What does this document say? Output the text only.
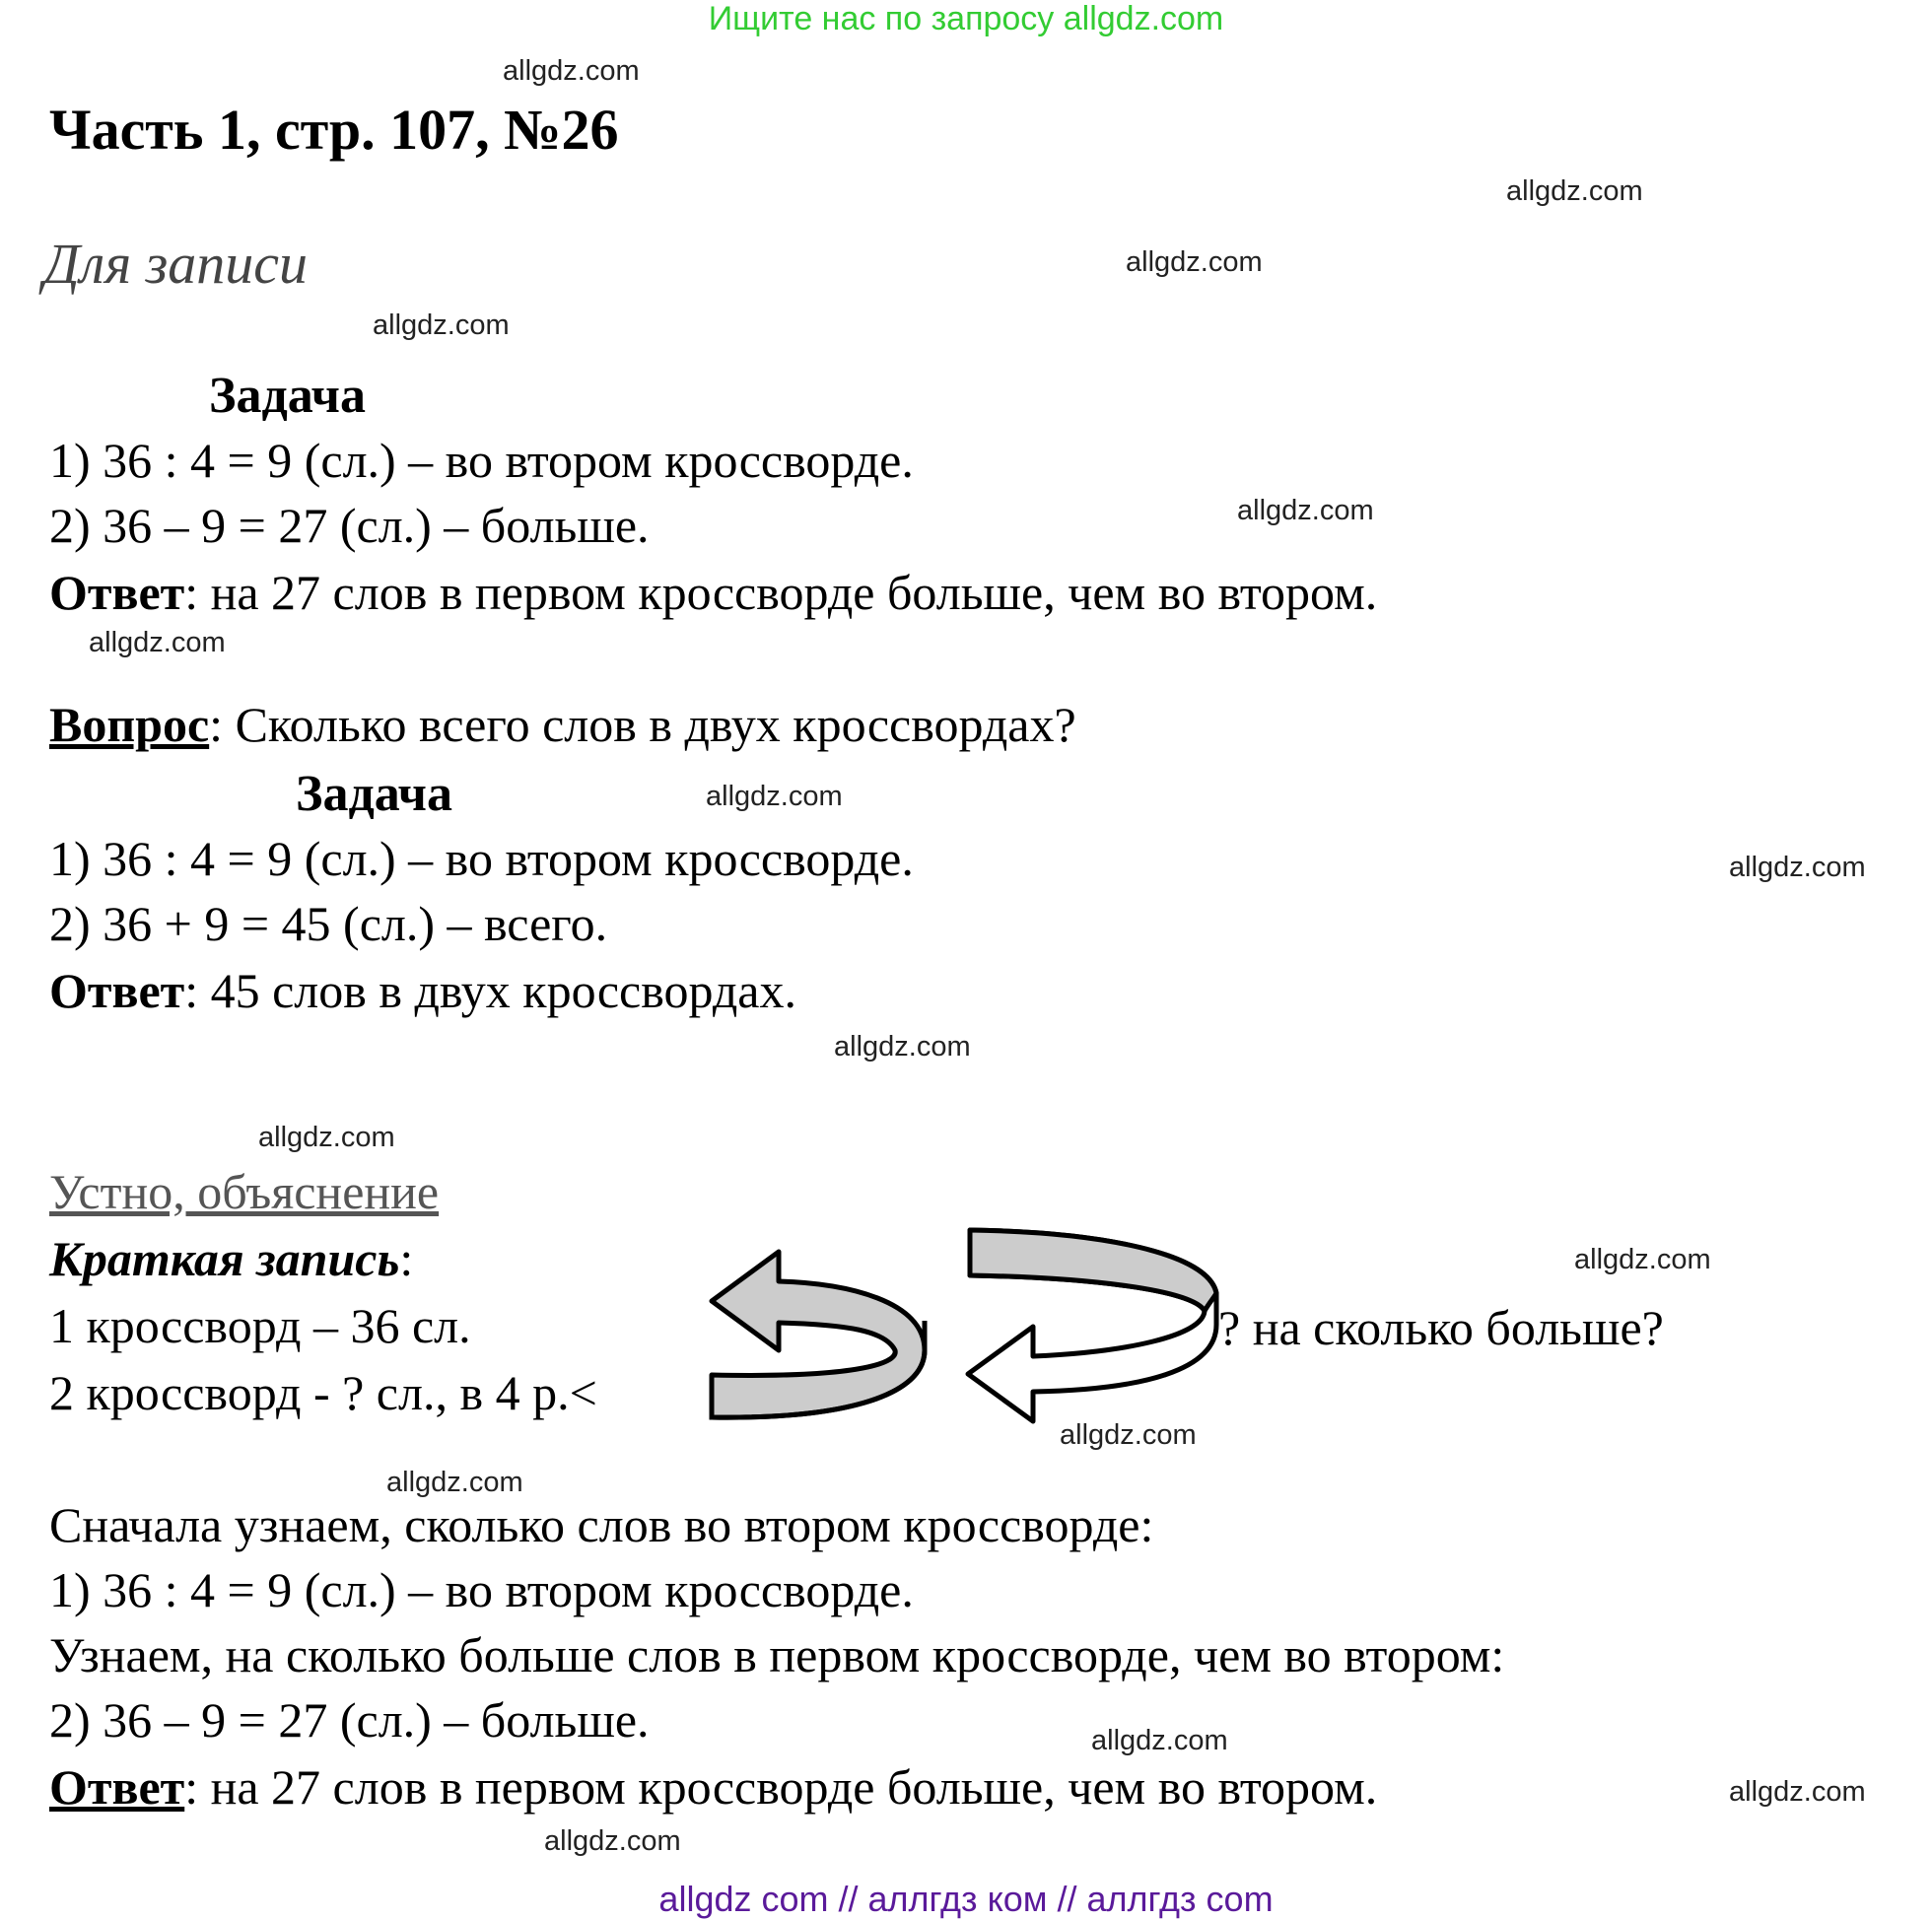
Ищите нас по запросу allgdz.com
allgdz com // аллгдз ком // аллгдз com
allgdz.com
allgdz.com
allgdz.com
allgdz.com
allgdz.com
allgdz.com
allgdz.com
allgdz.com
allgdz.com
allgdz.com
allgdz.com
allgdz.com
allgdz.com
allgdz.com
allgdz.com
allgdz.com
Часть 1, стр. 107, №26
Для записи
Задача
1) 36 : 4 = 9 (сл.) – во втором кроссворде.
2) 36 – 9 = 27 (сл.) – больше.
Ответ: на 27 слов в первом кроссворде больше, чем во втором.
Вопрос: Сколько всего слов в двух кроссвордах?
Задача
1) 36 : 4 = 9 (сл.) – во втором кроссворде.
2) 36 + 9 = 45 (сл.) – всего.
Ответ: 45 слов в двух кроссвордах.
Устно, объяснение
Краткая запись:
1 кроссворд – 36 сл.
2 кроссворд - ? сл., в 4 р.<
? на сколько больше?
Сначала узнаем, сколько слов во втором кроссворде:
1) 36 : 4 = 9 (сл.) – во втором кроссворде.
Узнаем, на сколько больше слов в первом кроссворде, чем во втором:
2) 36 – 9 = 27 (сл.) – больше.
Ответ: на 27 слов в первом кроссворде больше, чем во втором.
